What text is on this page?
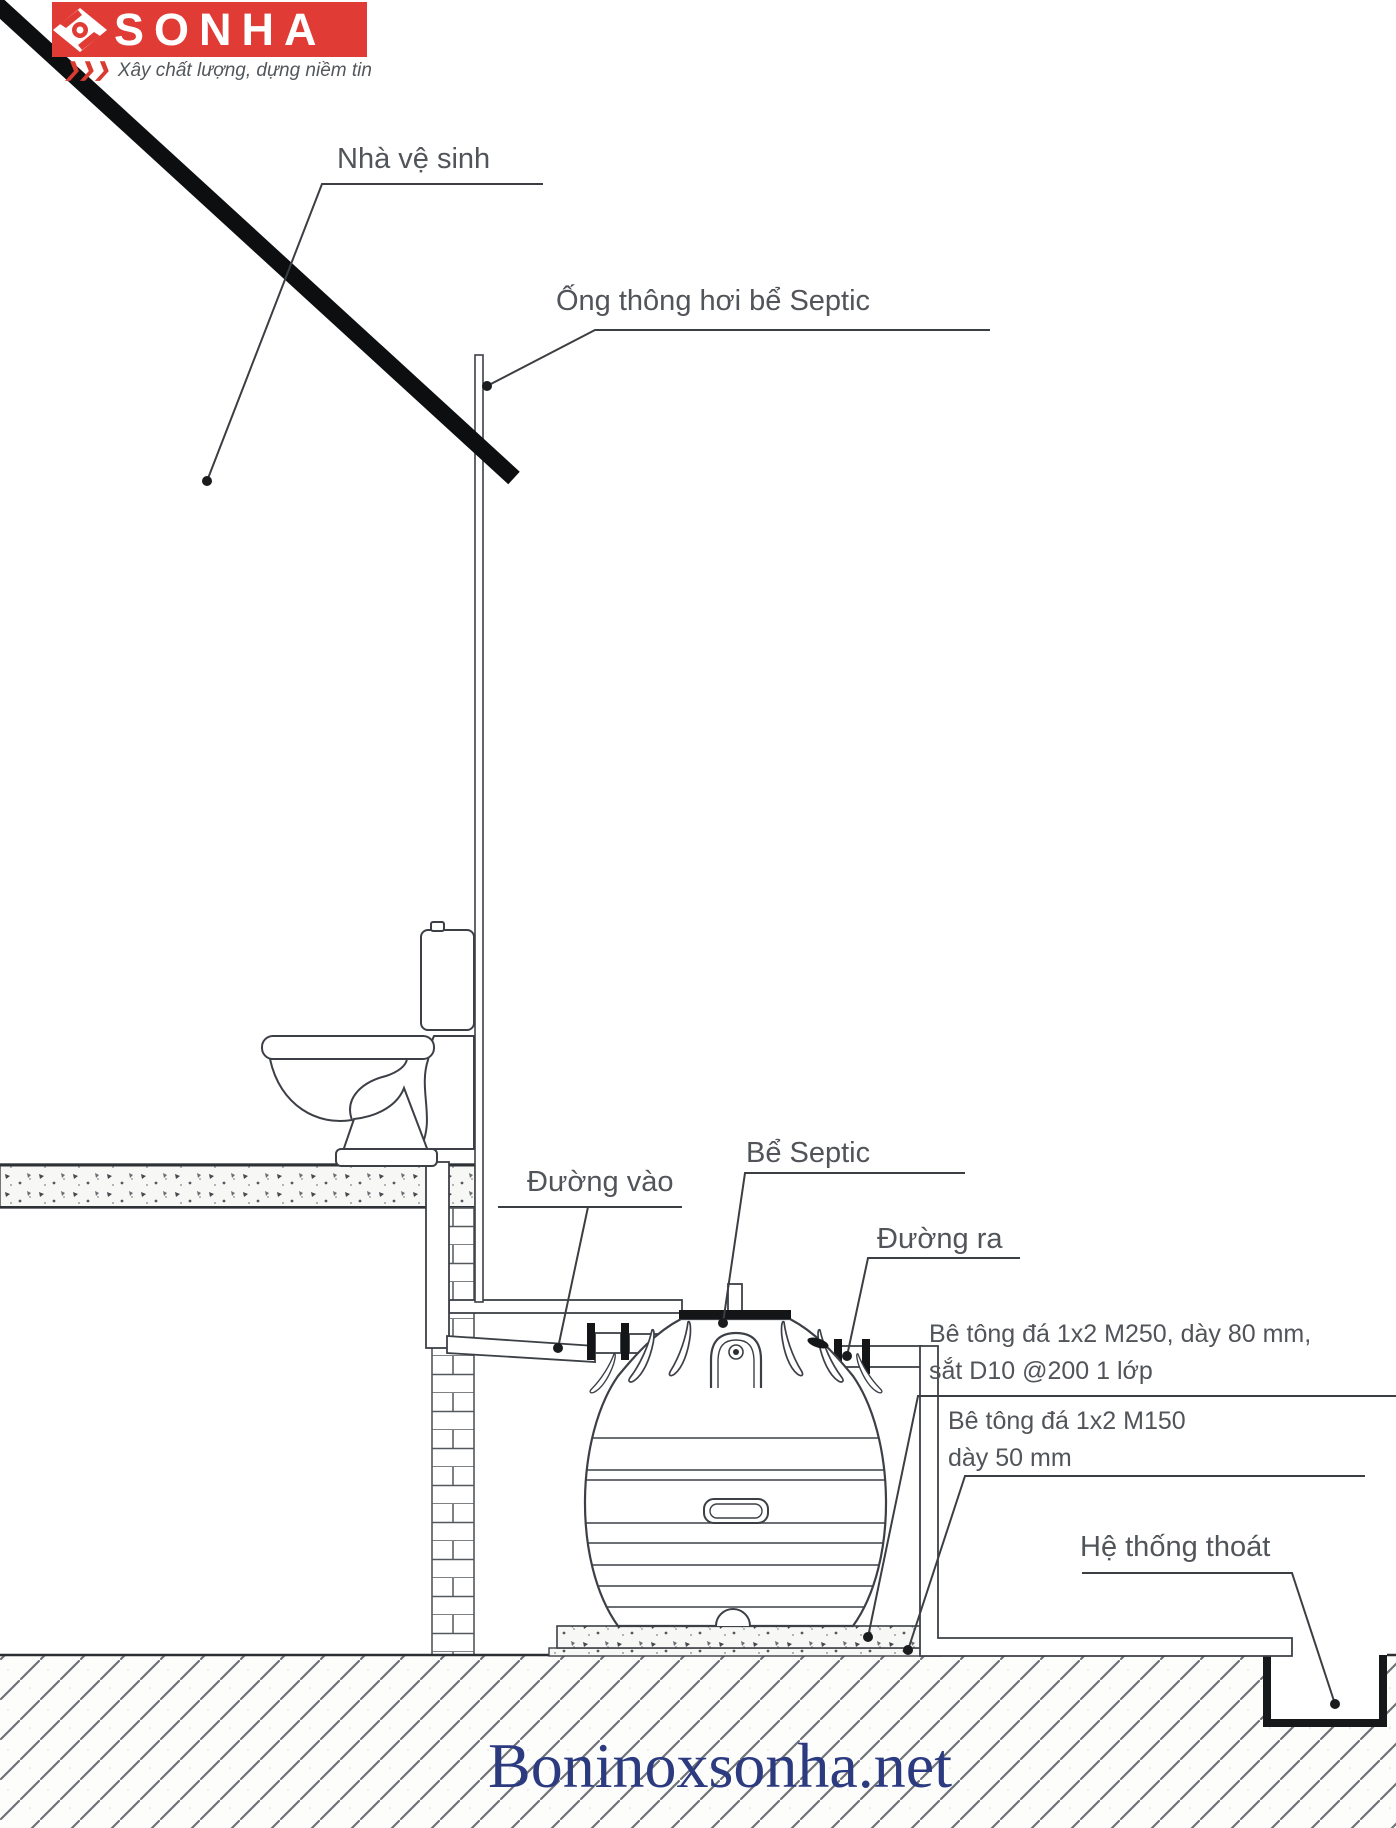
SONHA
❯❯❯ Xây chất lượng, dựng niềm tin
Nhà vệ sinh
Ống thông hơi bể Septic
Đường vào
Bể Septic
Đường ra
Bê tông đá 1x2 M250, dày 80 mm,
sắt D10 @200 1 lớp
Bê tông đá 1x2 M150
dày 50 mm
Hệ thống thoát
Boninoxsonha.net
